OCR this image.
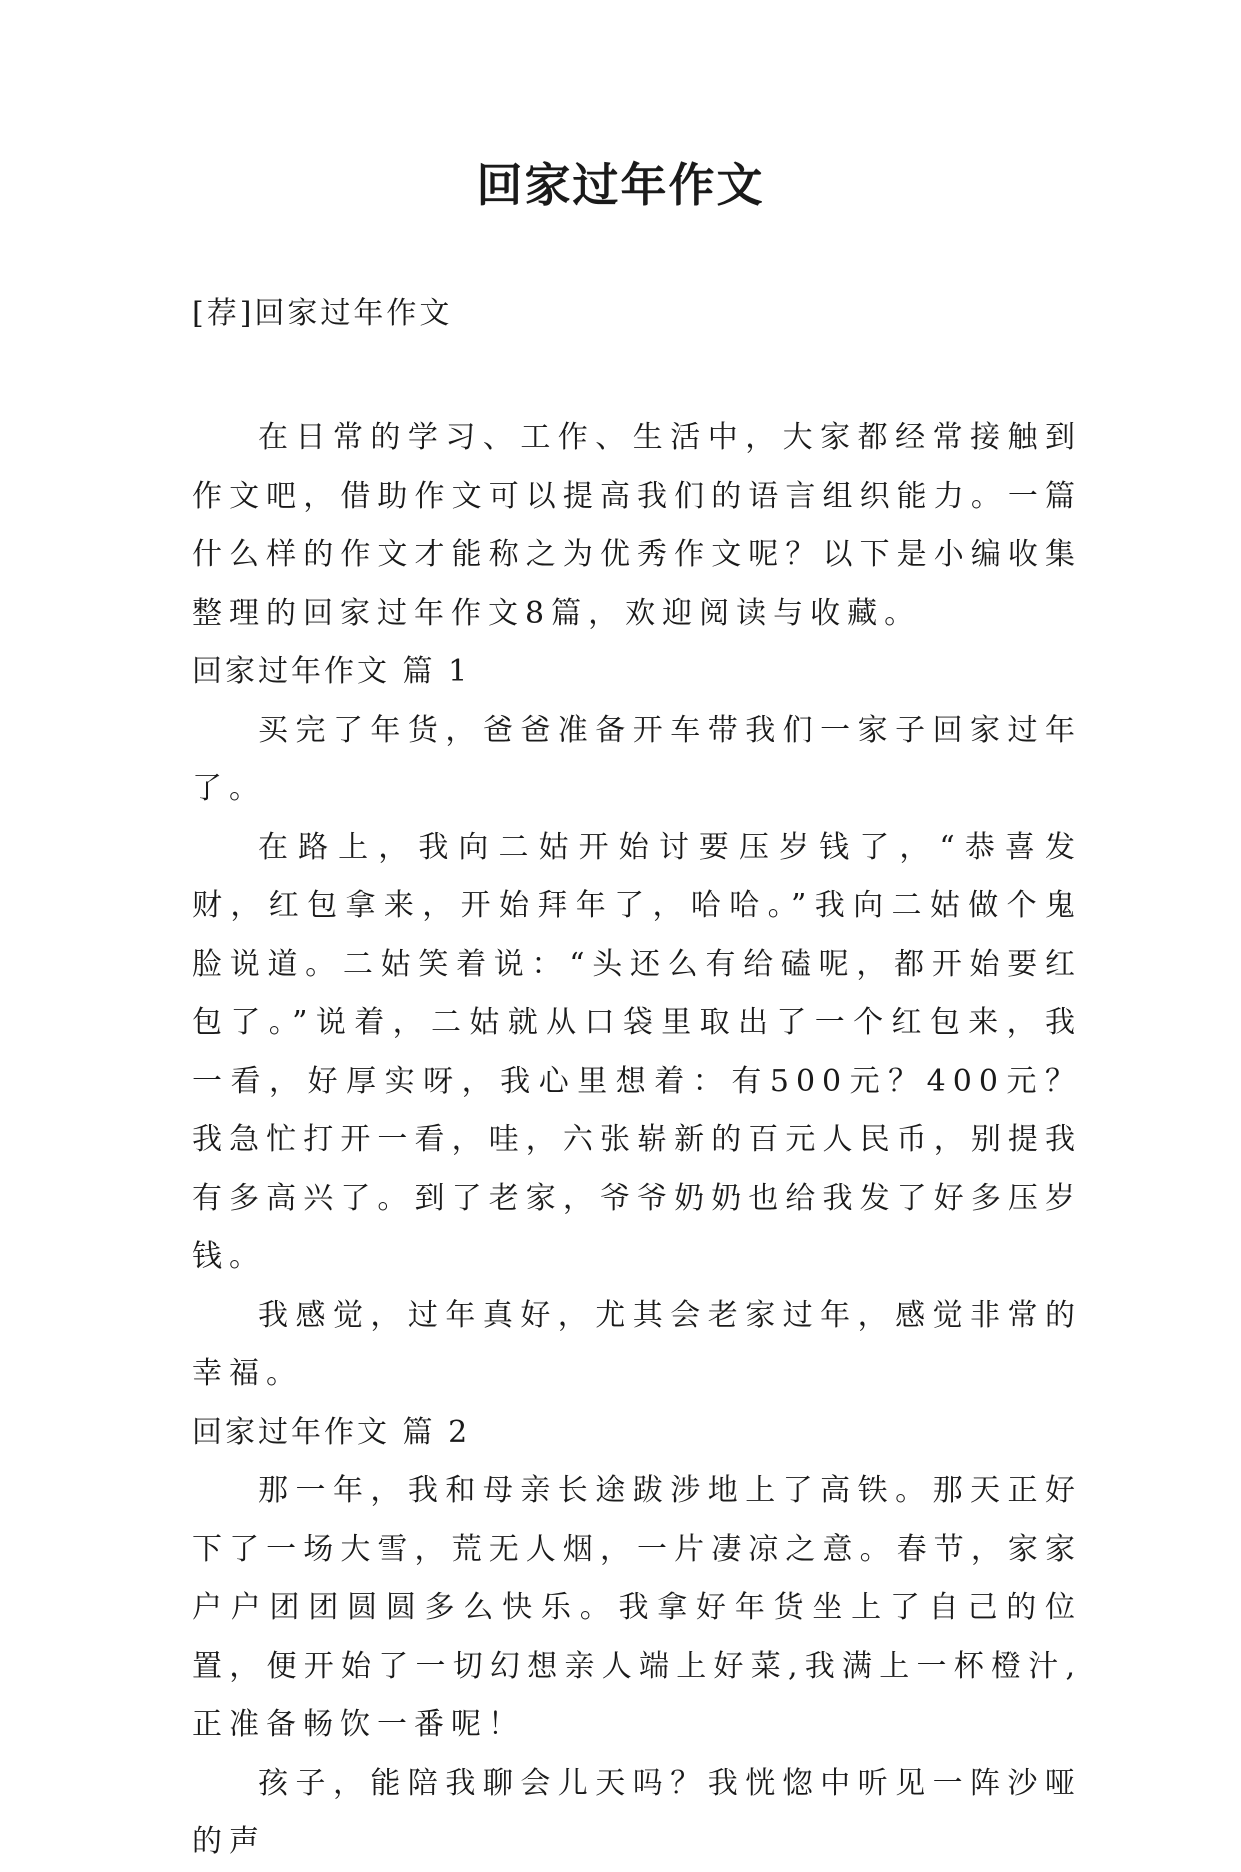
回家过年作文
[荐]回家过年作文

在日常的学习、工作、生活中，大家都经常接触到作文吧，借助作文可以提高我们的语言组织能力。一篇什么样的作文才能称之为优秀作文呢？以下是小编收集整理的回家过年作文8篇，欢迎阅读与收藏。

回家过年作文 篇 1

买完了年货，爸爸准备开车带我们一家子回家过年了。

在路上，我向二姑开始讨要压岁钱了，“恭喜发财，红包拿来，开始拜年了，哈哈。”我向二姑做个鬼脸说道。二姑笑着说：“头还么有给磕呢，都开始要红包了。”说着，二姑就从口袋里取出了一个红包来，我一看，好厚实呀，我心里想着：有500元？400元？我急忙打开一看，哇，六张崭新的百元人民币，别提我有多高兴了。到了老家，爷爷奶奶也给我发了好多压岁钱。

我感觉，过年真好，尤其会老家过年，感觉非常的幸福。

回家过年作文 篇 2

那一年，我和母亲长途跋涉地上了高铁。那天正好下了一场大雪，荒无人烟，一片凄凉之意。春节，家家户户团团圆圆多么快乐。我拿好年货坐上了自己的位置，便开始了一切幻想亲人端上好菜,我满上一杯橙汁,正准备畅饮一番呢！

孩子，能陪我聊会儿天吗？我恍惚中听见一阵沙哑的声
